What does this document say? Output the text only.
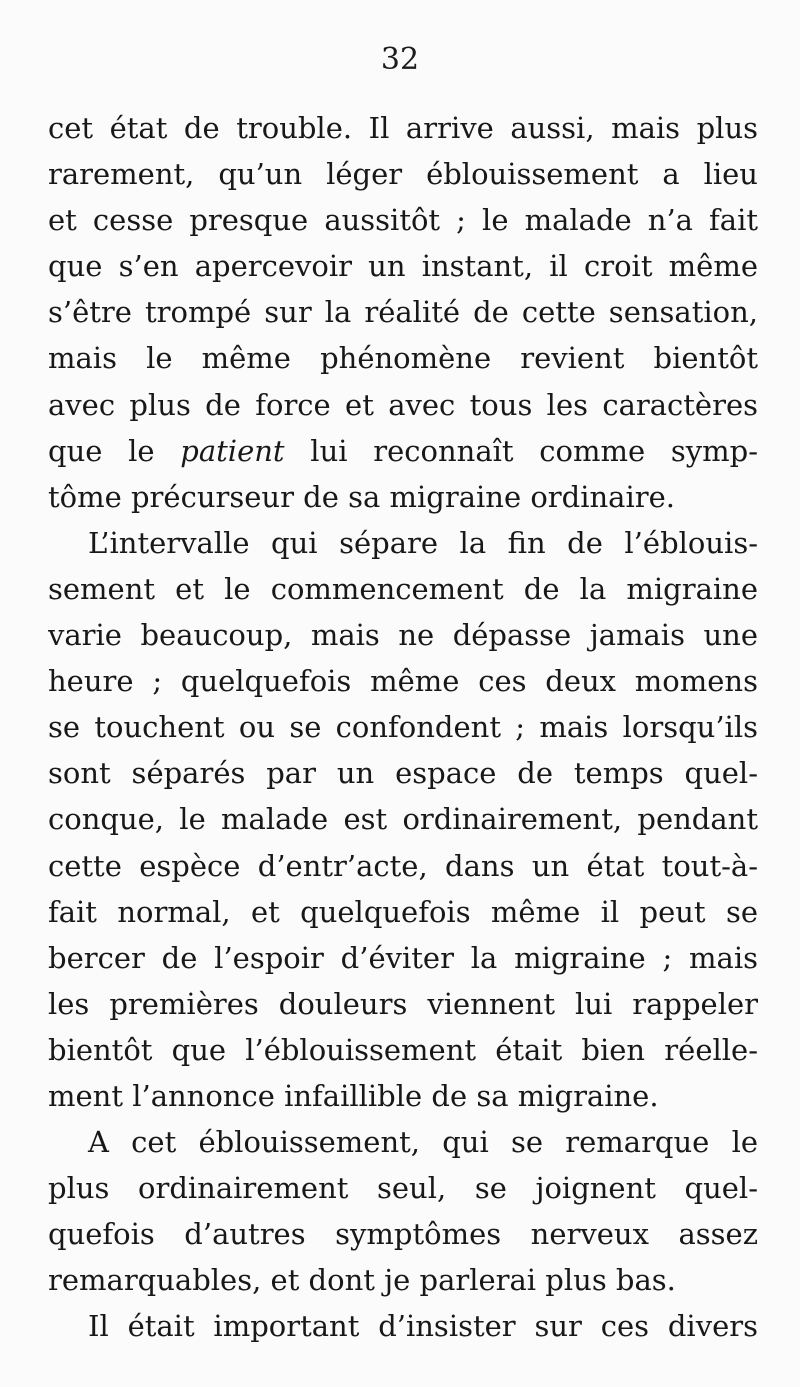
32
cet état de trouble. Il arrive aussi, mais plus
rarement, qu’un léger éblouissement a lieu
et cesse presque aussitôt ; le malade n’a fait
que s’en apercevoir un instant, il croit même
s’être trompé sur la réalité de cette sensation,
mais le même phénomène revient bientôt
avec plus de force et avec tous les caractères
que le patient lui reconnaît comme symp-
tôme précurseur de sa migraine ordinaire.
L’intervalle qui sépare la fin de l’éblouis-
sement et le commencement de la migraine
varie beaucoup, mais ne dépasse jamais une
heure ; quelquefois même ces deux momens
se touchent ou se confondent ; mais lorsqu’ils
sont séparés par un espace de temps quel-
conque, le malade est ordinairement, pendant
cette espèce d’entr’acte, dans un état tout-à-
fait normal, et quelquefois même il peut se
bercer de l’espoir d’éviter la migraine ; mais
les premières douleurs viennent lui rappeler
bientôt que l’éblouissement était bien réelle-
ment l’annonce infaillible de sa migraine.
A cet éblouissement, qui se remarque le
plus ordinairement seul, se joignent quel-
quefois d’autres symptômes nerveux assez
remarquables, et dont je parlerai plus bas.
Il était important d’insister sur ces divers
